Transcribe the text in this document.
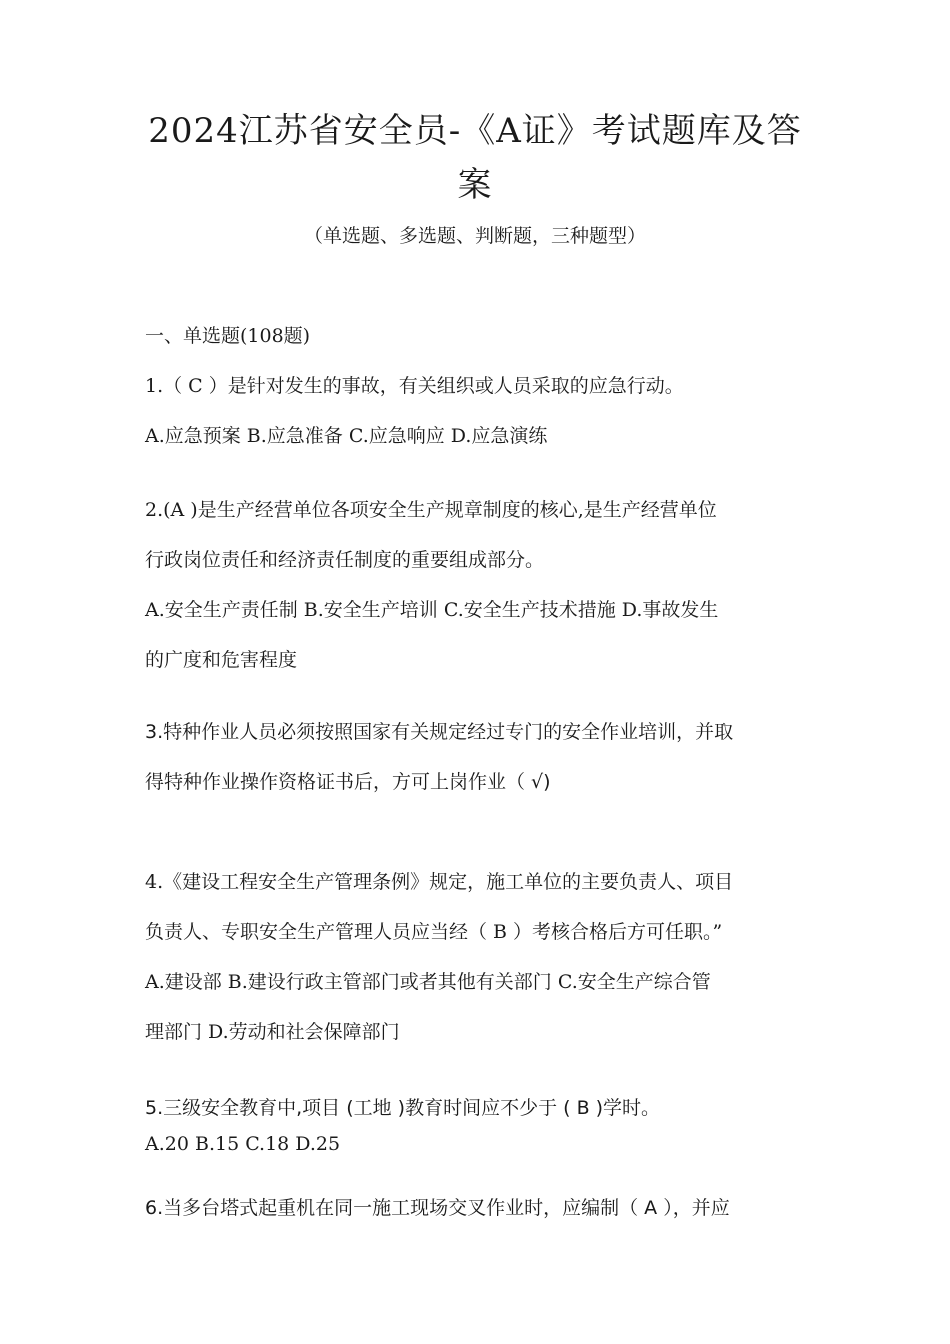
2024江苏省安全员-《A证》考试题库及答
案

（单选题、多选题、判断题，三种题型）

一、单选题(108题)

1.（ C ）是针对发生的事故，有关组织或人员采取的应急行动。

A.应急预案 B.应急准备 C.应急响应 D.应急演练

2.(A )是生产经营单位各项安全生产规章制度的核心,是生产经营单位

行政岗位责任和经济责任制度的重要组成部分。

A.安全生产责任制 B.安全生产培训 C.安全生产技术措施 D.事故发生

的广度和危害程度

3.特种作业人员必须按照国家有关规定经过专门的安全作业培训，并取

得特种作业操作资格证书后，方可上岗作业（ √)

4.《建设工程安全生产管理条例》规定，施工单位的主要负责人、项目

负责人、专职安全生产管理人员应当经（ B ）考核合格后方可任职。”

A.建设部 B.建设行政主管部门或者其他有关部门 C.安全生产综合管

理部门 D.劳动和社会保障部门

5.三级安全教育中,项目 (工地 )教育时间应不少于 ( B )学时。

A.20 B.15 C.18 D.25

6.当多台塔式起重机在同一施工现场交叉作业时，应编制（ A ），并应
